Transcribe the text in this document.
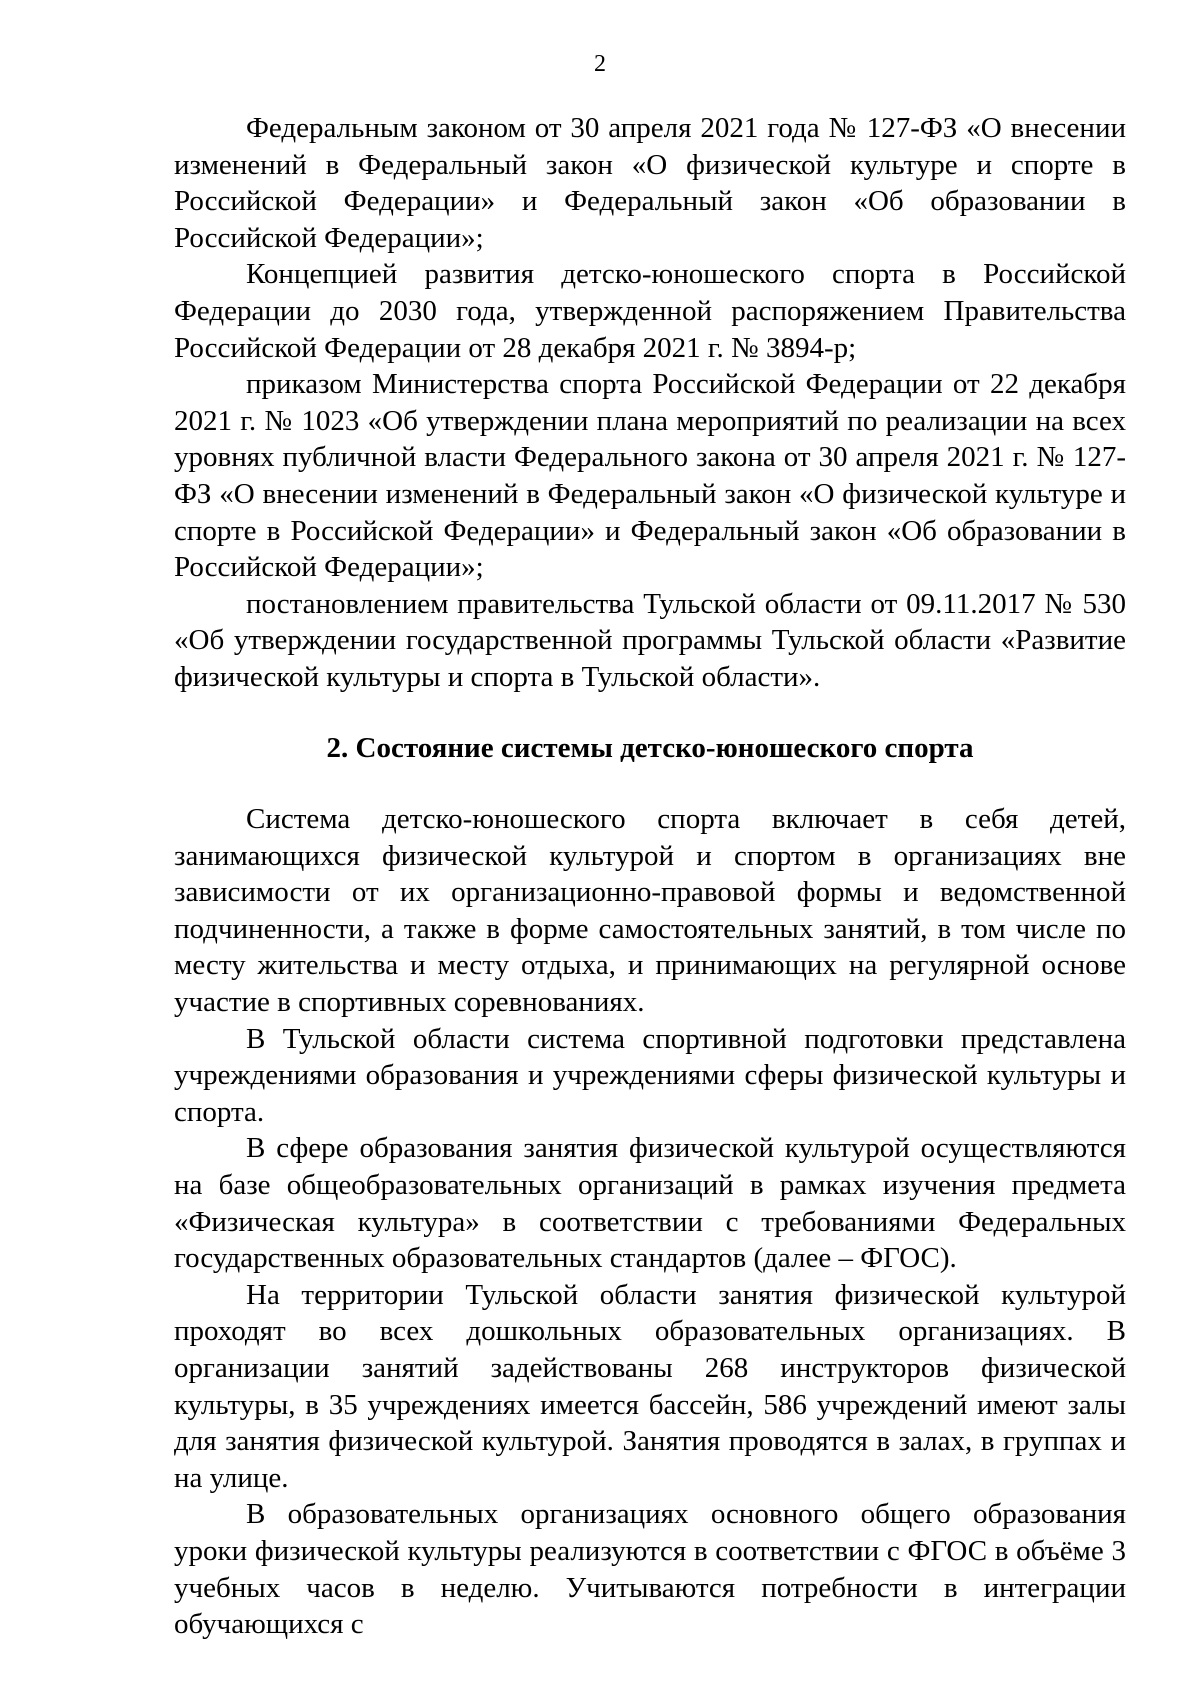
2

Федеральным законом от 30 апреля 2021 года № 127-ФЗ «О внесении изменений в Федеральный закон «О физической культуре и спорте в Российской Федерации» и Федеральный закон «Об образовании в Российской Федерации»;

Концепцией развития детско-юношеского спорта в Российской Федерации до 2030 года, утвержденной распоряжением Правительства Российской Федерации от 28 декабря 2021 г. № 3894-р;

приказом Министерства спорта Российской Федерации от 22 декабря 2021 г. № 1023 «Об утверждении плана мероприятий по реализации на всех уровнях публичной власти Федерального закона от 30 апреля 2021 г. № 127-ФЗ «О внесении изменений в Федеральный закон «О физической культуре и спорте в Российской Федерации» и Федеральный закон «Об образовании в Российской Федерации»;

постановлением правительства Тульской области от 09.11.2017 № 530 «Об утверждении государственной программы Тульской области «Развитие физической культуры и спорта в Тульской области».

2. Состояние системы детско-юношеского спорта

Система детско-юношеского спорта включает в себя детей, занимающихся физической культурой и спортом в организациях вне зависимости от их организационно-правовой формы и ведомственной подчиненности, а также в форме самостоятельных занятий, в том числе по месту жительства и месту отдыха, и принимающих на регулярной основе участие в спортивных соревнованиях.

В Тульской области система спортивной подготовки представлена учреждениями образования и учреждениями сферы физической культуры и спорта.

В сфере образования занятия физической культурой осуществляются на базе общеобразовательных организаций в рамках изучения предмета «Физическая культура» в соответствии с требованиями Федеральных государственных образовательных стандартов (далее – ФГОС).

На территории Тульской области занятия физической культурой проходят во всех дошкольных образовательных организациях. В организации занятий задействованы 268 инструкторов физической культуры, в 35 учреждениях имеется бассейн, 586 учреждений имеют залы для занятия физической культурой. Занятия проводятся в залах, в группах и на улице.

В образовательных организациях основного общего образования уроки физической культуры реализуются в соответствии с ФГОС в объёме 3 учебных часов в неделю. Учитываются потребности в интеграции обучающихся с
